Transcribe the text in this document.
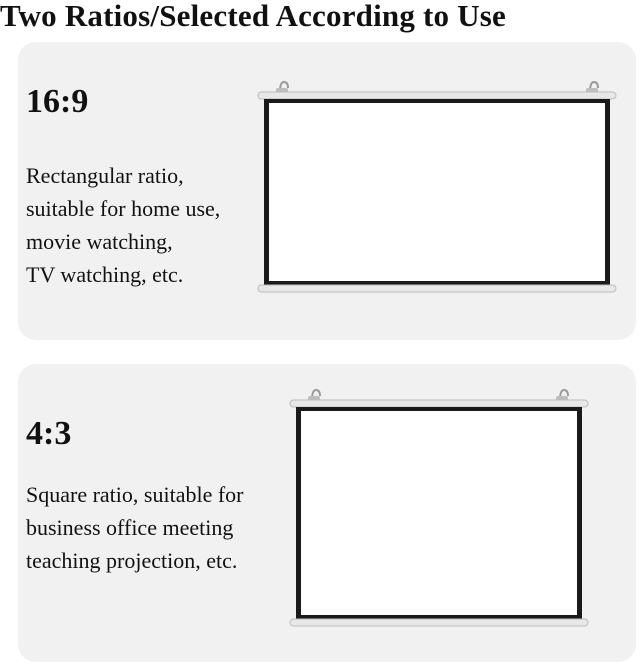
Two Ratios/Selected According to Use
16:9
Rectangular ratio,
suitable for home use,
movie watching,
TV watching, etc.
4:3
Square ratio, suitable for
business office meeting
teaching projection, etc.
